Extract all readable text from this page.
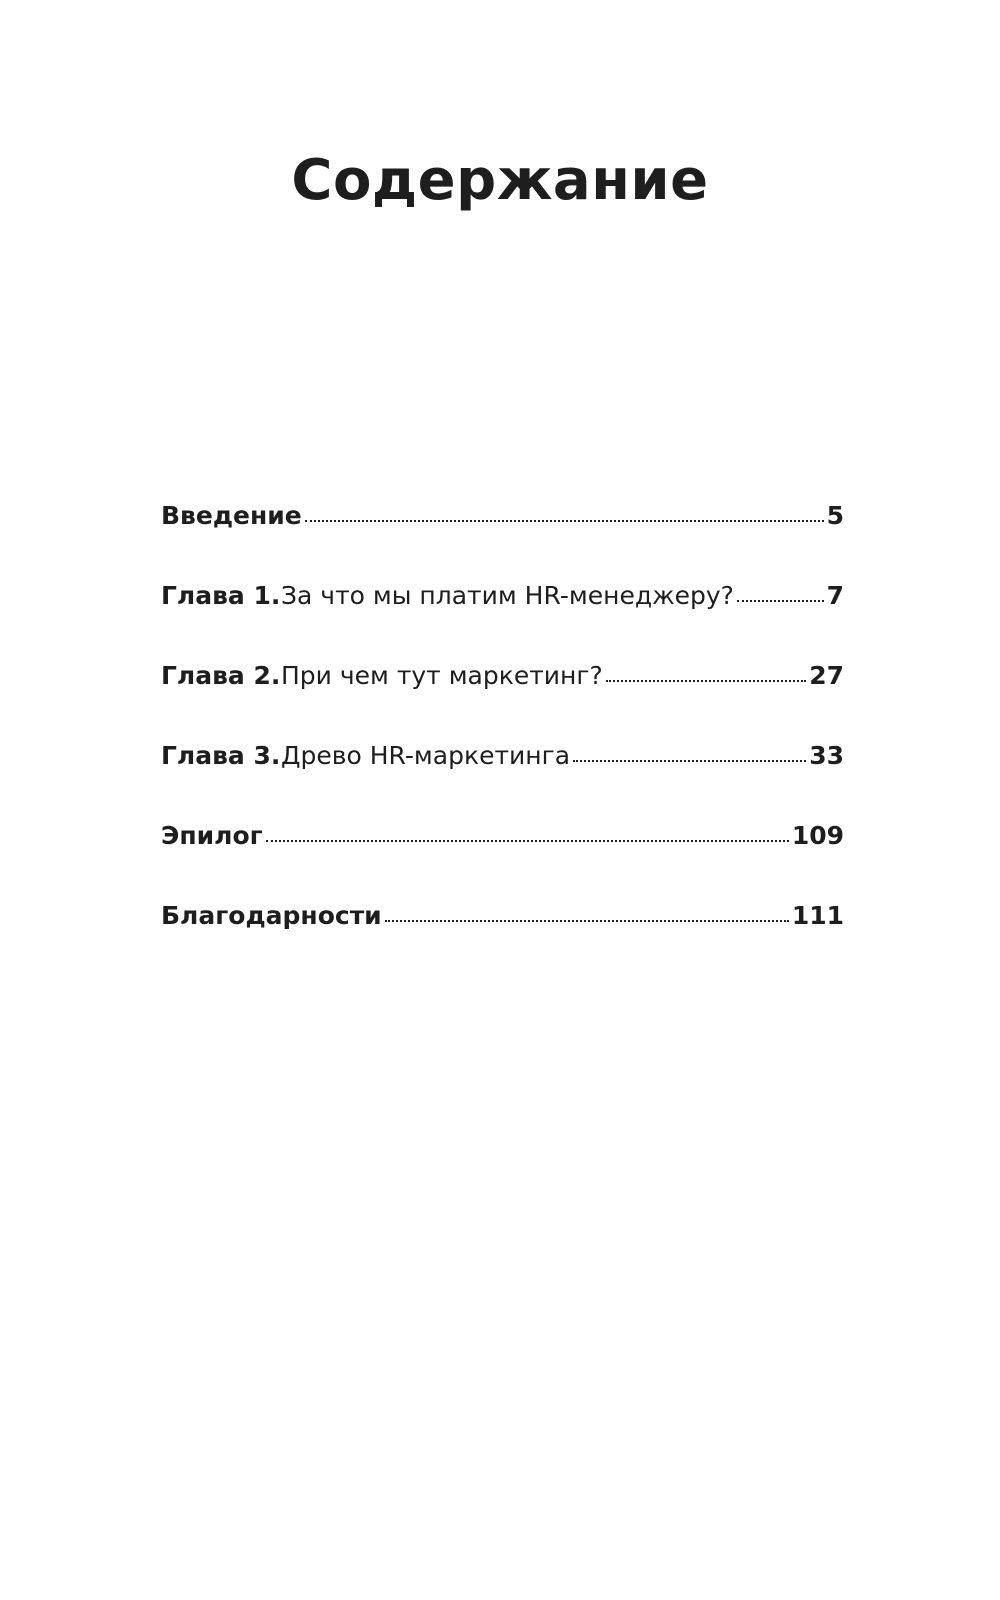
Содержание
Введение	5
Глава 1. За что мы платим HR-менеджеру?	7
Глава 2. При чем тут маркетинг?	27
Глава 3. Древо HR-маркетинга	33
Эпилог	109
Благодарности	111
